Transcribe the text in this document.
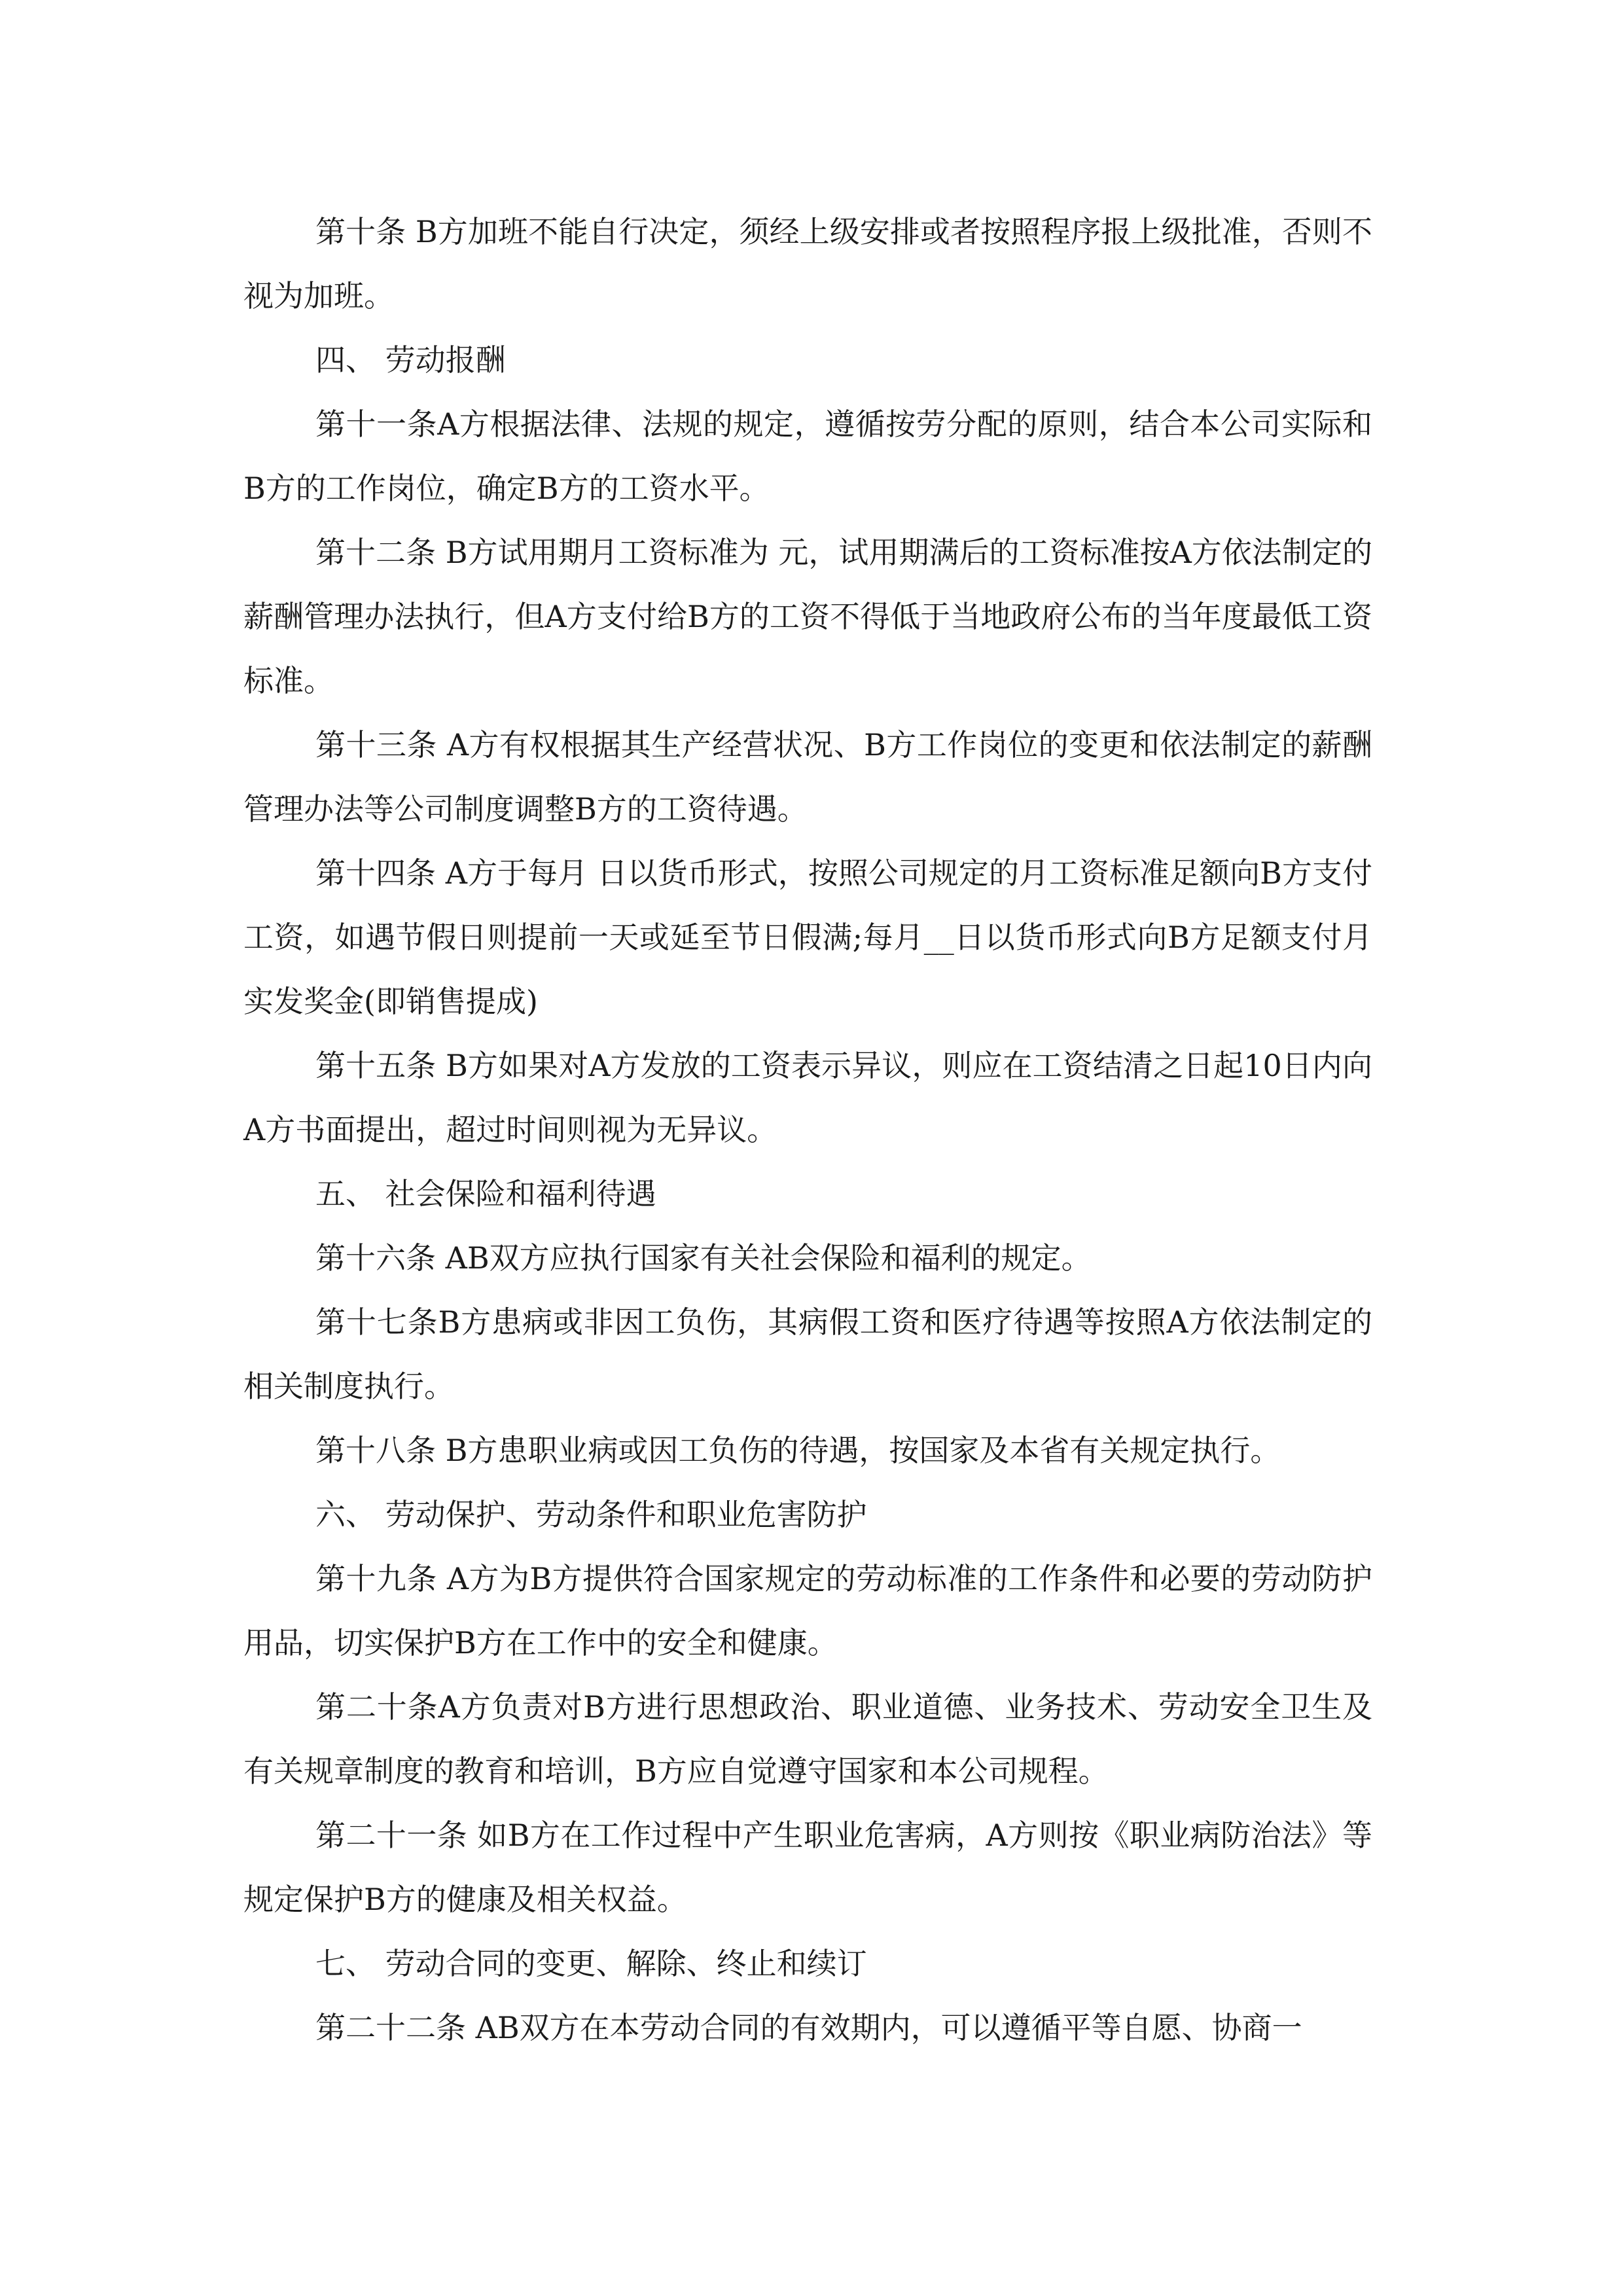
第十条 B方加班不能自行决定，须经上级安排或者按照程序报上级批准，否则不视为加班。

四、 劳动报酬

第十一条A方根据法律、法规的规定，遵循按劳分配的原则，结合本公司实际和B方的工作岗位，确定B方的工资水平。

第十二条 B方试用期月工资标准为 元，试用期满后的工资标准按A方依法制定的薪酬管理办法执行，但A方支付给B方的工资不得低于当地政府公布的当年度最低工资标准。

第十三条 A方有权根据其生产经营状况、B方工作岗位的变更和依法制定的薪酬管理办法等公司制度调整B方的工资待遇。

第十四条 A方于每月 日以货币形式，按照公司规定的月工资标准足额向B方支付工资，如遇节假日则提前一天或延至节日假满;每月__日以货币形式向B方足额支付月实发奖金(即销售提成)

第十五条 B方如果对A方发放的工资表示异议，则应在工资结清之日起10日内向A方书面提出，超过时间则视为无异议。

五、 社会保险和福利待遇

第十六条 AB双方应执行国家有关社会保险和福利的规定。

第十七条B方患病或非因工负伤，其病假工资和医疗待遇等按照A方依法制定的相关制度执行。

第十八条 B方患职业病或因工负伤的待遇，按国家及本省有关规定执行。

六、 劳动保护、劳动条件和职业危害防护

第十九条 A方为B方提供符合国家规定的劳动标准的工作条件和必要的劳动防护用品，切实保护B方在工作中的安全和健康。

第二十条A方负责对B方进行思想政治、职业道德、业务技术、劳动安全卫生及有关规章制度的教育和培训，B方应自觉遵守国家和本公司规程。

第二十一条 如B方在工作过程中产生职业危害病，A方则按《职业病防治法》等规定保护B方的健康及相关权益。

七、 劳动合同的变更、解除、终止和续订

第二十二条 AB双方在本劳动合同的有效期内，可以遵循平等自愿、协商一
